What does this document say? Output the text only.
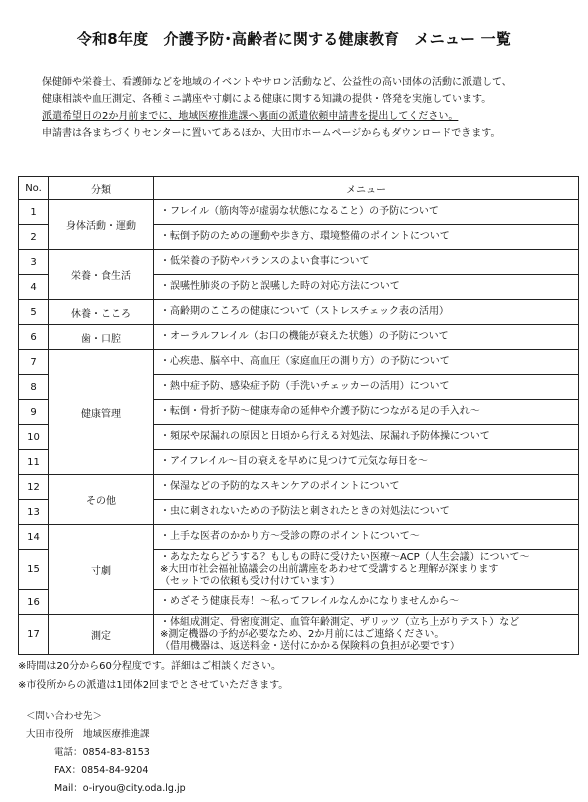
令和8年度　介護予防･高齢者に関する健康教育　メニュー 一覧
保健師や栄養士、看護師などを地域のイベントやサロン活動など、公益性の高い団体の活動に派遣して、
健康相談や血圧測定、各種ミニ講座や寸劇による健康に関する知識の提供・啓発を実施しています。
派遣希望日の2か月前までに、地域医療推進課へ裏面の派遣依頼申請書を提出してください。
申請書は各まちづくりセンターに置いてあるほか、大田市ホームページからもダウンロードできます。
No.	分類	メニュー
1	身体活動・運動	・フレイル（筋肉等が虚弱な状態になること）の予防について
2		・転倒予防のための運動や歩き方、環境整備のポイントについて
3	栄養・食生活	・低栄養の予防やバランスのよい食事について
4		・誤嚥性肺炎の予防と誤嚥した時の対応方法について
5	休養・こころ	・高齢期のこころの健康について（ストレスチェック表の活用）
6	歯・口腔	・オーラルフレイル（お口の機能が衰えた状態）の予防について
7	健康管理	・心疾患、脳卒中、高血圧（家庭血圧の測り方）の予防について
8		・熱中症予防、感染症予防（手洗いチェッカーの活用）について
9		・転倒・骨折予防～健康寿命の延伸や介護予防につながる足の手入れ～
10		・頻尿や尿漏れの原因と日頃から行える対処法、尿漏れ予防体操について
11		・アイフレイル～目の衰えを早めに見つけて元気な毎日を～
12	その他	・保湿などの予防的なスキンケアのポイントについて
13		・虫に刺されないための予防法と刺されたときの対処法について
14	寸劇	・上手な医者のかかり方～受診の際のポイントについて～
15		・あなたならどうする？もしもの時に受けたい医療～ACP（人生会議）について～
※大田市社会福祉協議会の出前講座をあわせて受講すると理解が深まります
（セットでの依頼も受け付けています）

16		・めざそう健康長寿！～私ってフレイルなんかになりませんから～
17	測定	・体組成測定、骨密度測定、血管年齢測定、ザリッツ（立ち上がりテスト）など
※測定機器の予約が必要なため、2か月前にはご連絡ください。
（借用機器は、返送料金・送付にかかる保険料の負担が必要です）
※時間は20分から60分程度です。詳細はご相談ください。
※市役所からの派遣は1団体2回までとさせていただきます。
＜問い合わせ先＞
大田市役所　地域医療推進課
電話：0854-83-8153
FAX：0854-84-9204
Mail：o-iryou@city.oda.lg.jp
